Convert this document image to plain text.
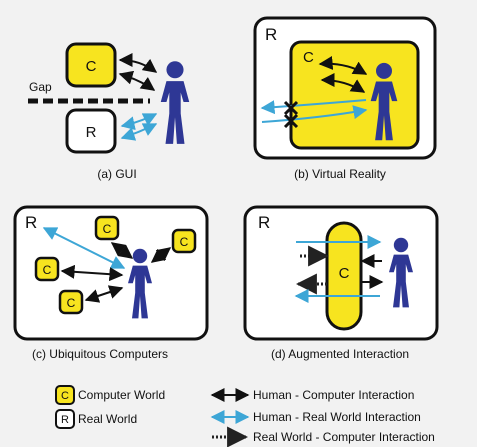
C
Gap
R
(a) GUI
R
C
(b) Virtual Reality
R	C
C
C
C
(c) Ubiquitous Computers
R
C
(d) Augmented Interaction
C Computer World
R Real World
Human - Computer Interaction
Human - Real World Interaction
Real World - Computer Interaction
